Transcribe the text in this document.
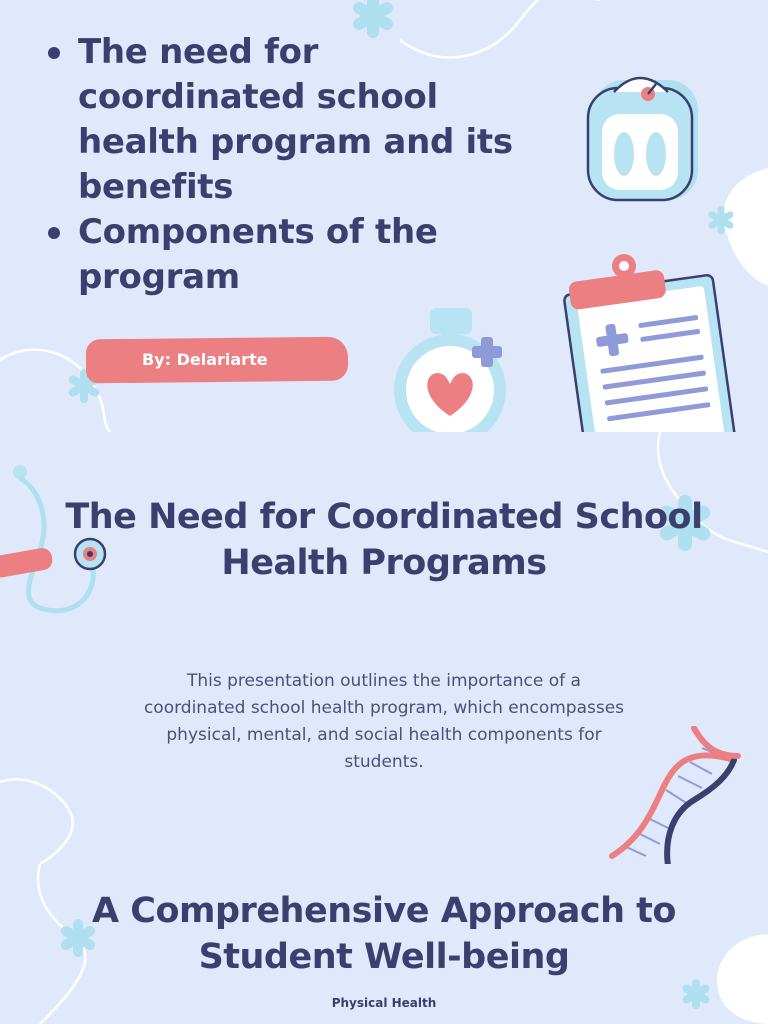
The need for coordinated school health program and its benefits
Components of the program
By: Delariarte
The Need for Coordinated School Health Programs

This presentation outlines the importance of a coordinated school health program, which encompasses physical, mental, and social health components for students.

A Comprehensive Approach to Student Well-being
Physical Health
